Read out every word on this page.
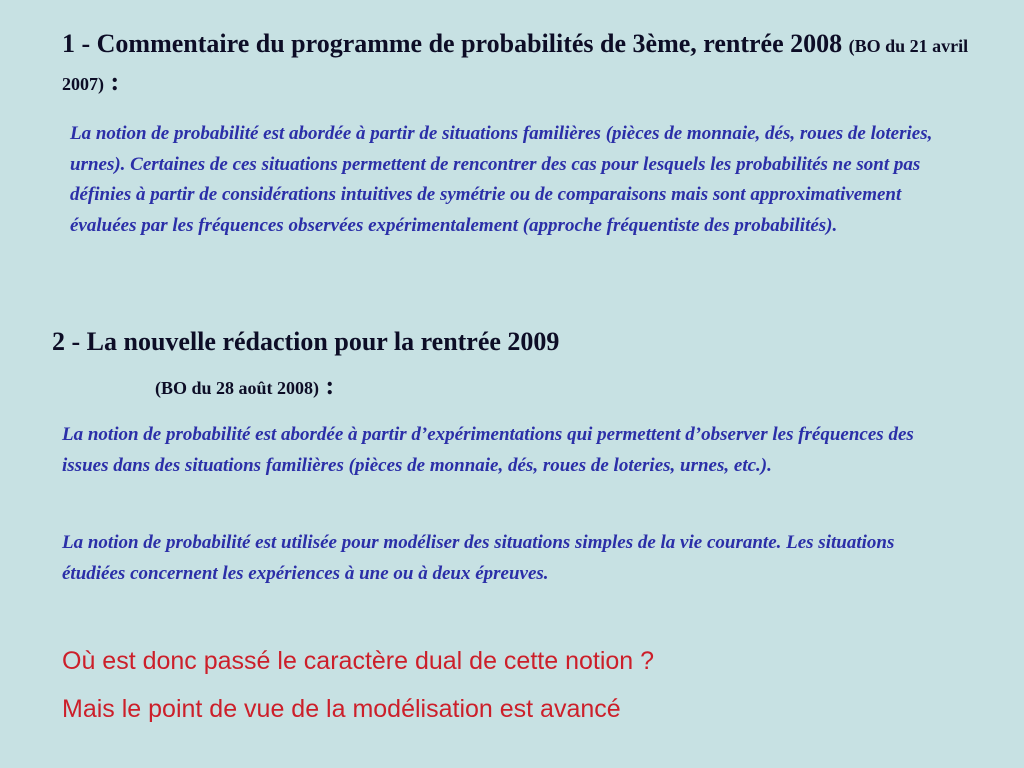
1 - Commentaire du programme de probabilités de 3ème, rentrée 2008 (BO du 21 avril 2007) :
La notion de probabilité est abordée à partir de situations familières (pièces de monnaie, dés, roues de loteries, urnes). Certaines de ces situations permettent de rencontrer des cas pour lesquels les probabilités ne sont pas définies à partir de considérations intuitives de symétrie ou de comparaisons mais sont approximativement évaluées par les fréquences observées expérimentalement (approche fréquentiste des probabilités).
2 - La nouvelle rédaction pour la rentrée 2009
(BO du 28 août 2008) :
La notion de probabilité est abordée à partir d’expérimentations qui permettent d’observer les fréquences des issues dans des situations familières (pièces de monnaie, dés, roues de loteries, urnes, etc.).
La notion de probabilité est utilisée pour modéliser des situations simples de la vie courante. Les situations étudiées concernent les expériences à une ou à deux épreuves.
Où est donc passé le caractère dual de cette notion ?
Mais le point de vue de la modélisation est avancé
